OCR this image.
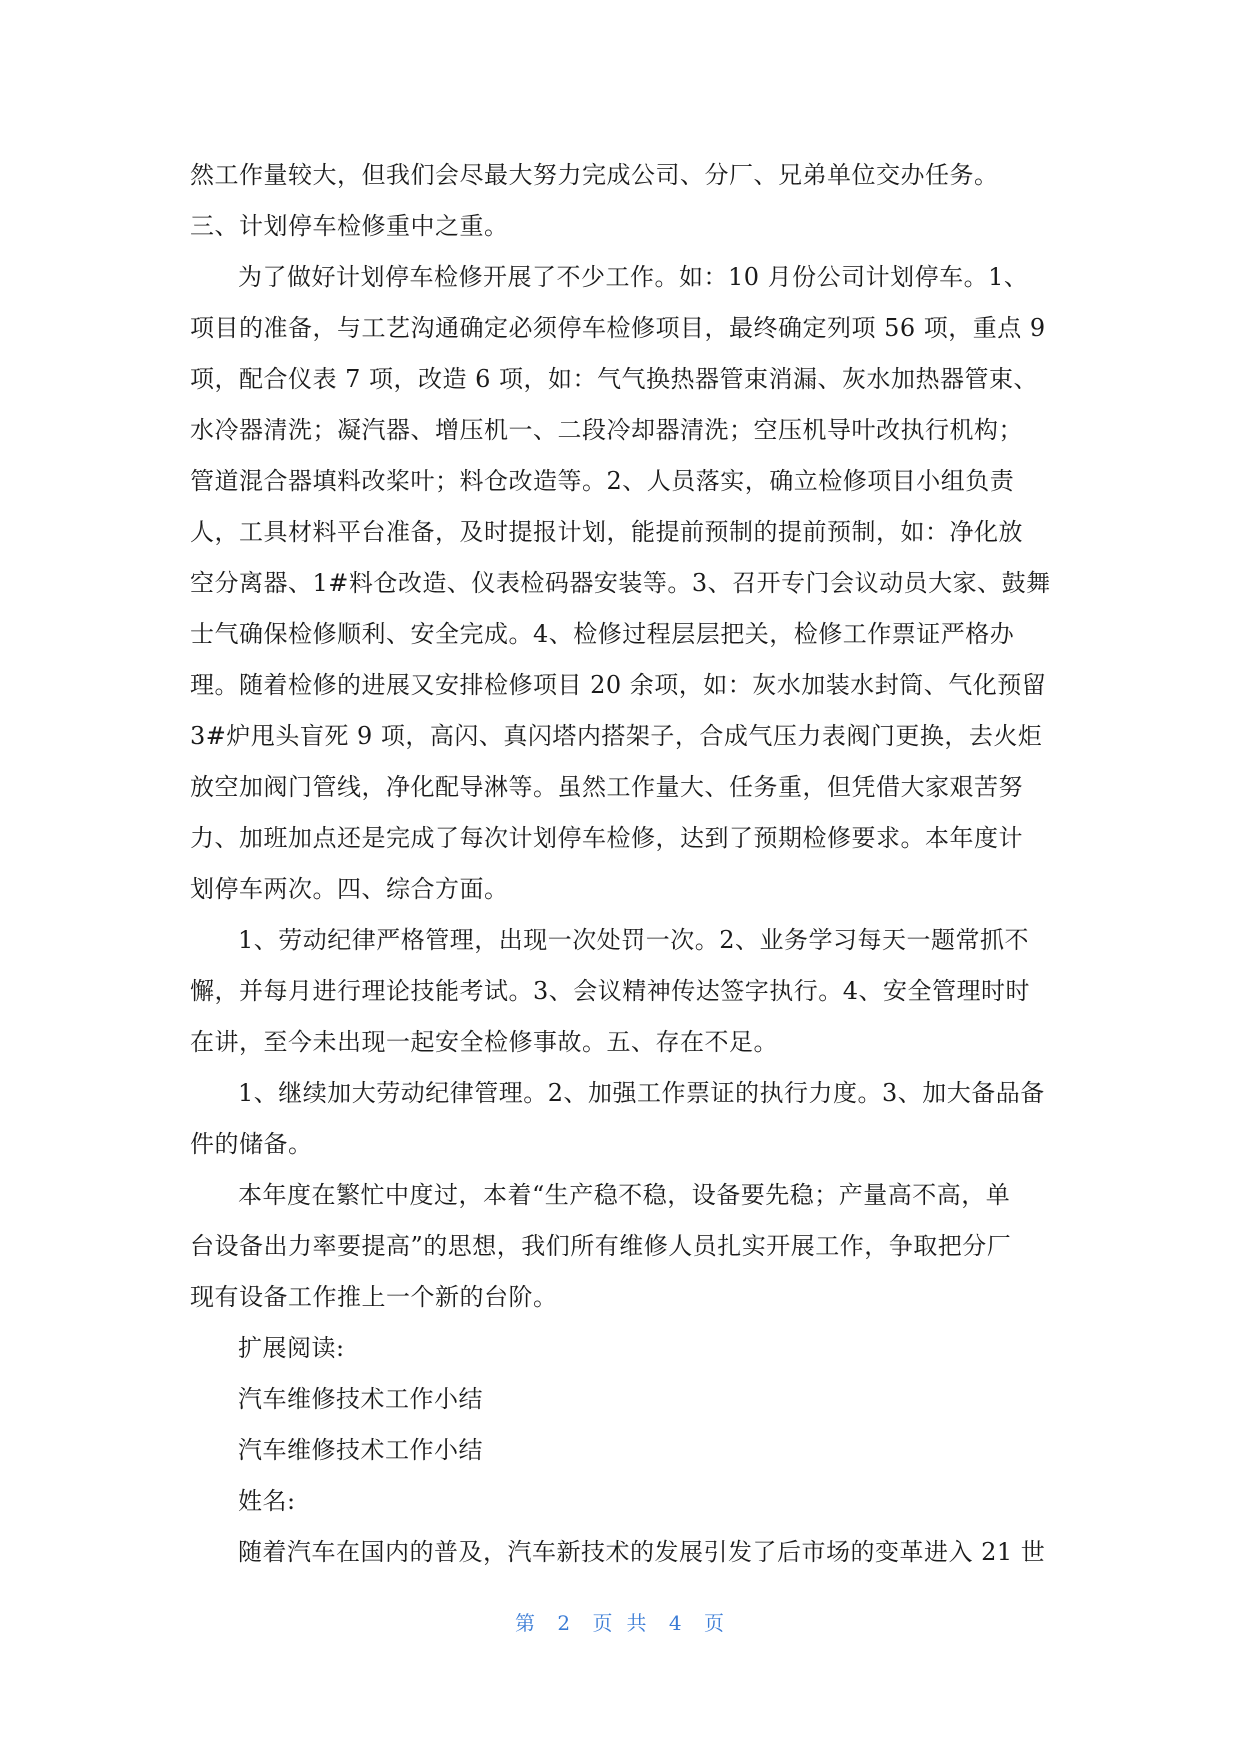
然工作量较大，但我们会尽最大努力完成公司、分厂、兄弟单位交办任务。
三、计划停车检修重中之重。
为了做好计划停车检修开展了不少工作。如：10 月份公司计划停车。1、
项目的准备，与工艺沟通确定必须停车检修项目，最终确定列项 56 项，重点 9
项，配合仪表 7 项，改造 6 项，如：气气换热器管束消漏、灰水加热器管束、
水冷器清洗；凝汽器、增压机一、二段冷却器清洗；空压机导叶改执行机构；
管道混合器填料改桨叶；料仓改造等。2、人员落实，确立检修项目小组负责
人，工具材料平台准备，及时提报计划，能提前预制的提前预制，如：净化放
空分离器、1#料仓改造、仪表检码器安装等。3、召开专门会议动员大家、鼓舞
士气确保检修顺利、安全完成。4、检修过程层层把关，检修工作票证严格办
理。随着检修的进展又安排检修项目 20 余项，如：灰水加装水封筒、气化预留
3#炉甩头盲死 9 项，高闪、真闪塔内搭架子，合成气压力表阀门更换，去火炬
放空加阀门管线，净化配导淋等。虽然工作量大、任务重，但凭借大家艰苦努
力、加班加点还是完成了每次计划停车检修，达到了预期检修要求。本年度计
划停车两次。四、综合方面。
1、劳动纪律严格管理，出现一次处罚一次。2、业务学习每天一题常抓不
懈，并每月进行理论技能考试。3、会议精神传达签字执行。4、安全管理时时
在讲，至今未出现一起安全检修事故。五、存在不足。
1、继续加大劳动纪律管理。2、加强工作票证的执行力度。3、加大备品备
件的储备。
本年度在繁忙中度过，本着“生产稳不稳，设备要先稳；产量高不高，单
台设备出力率要提高”的思想，我们所有维修人员扎实开展工作，争取把分厂
现有设备工作推上一个新的台阶。
扩展阅读:
汽车维修技术工作小结
汽车维修技术工作小结
姓名:
随着汽车在国内的普及，汽车新技术的发展引发了后市场的变革进入 21 世
第 2 页 共 4 页
